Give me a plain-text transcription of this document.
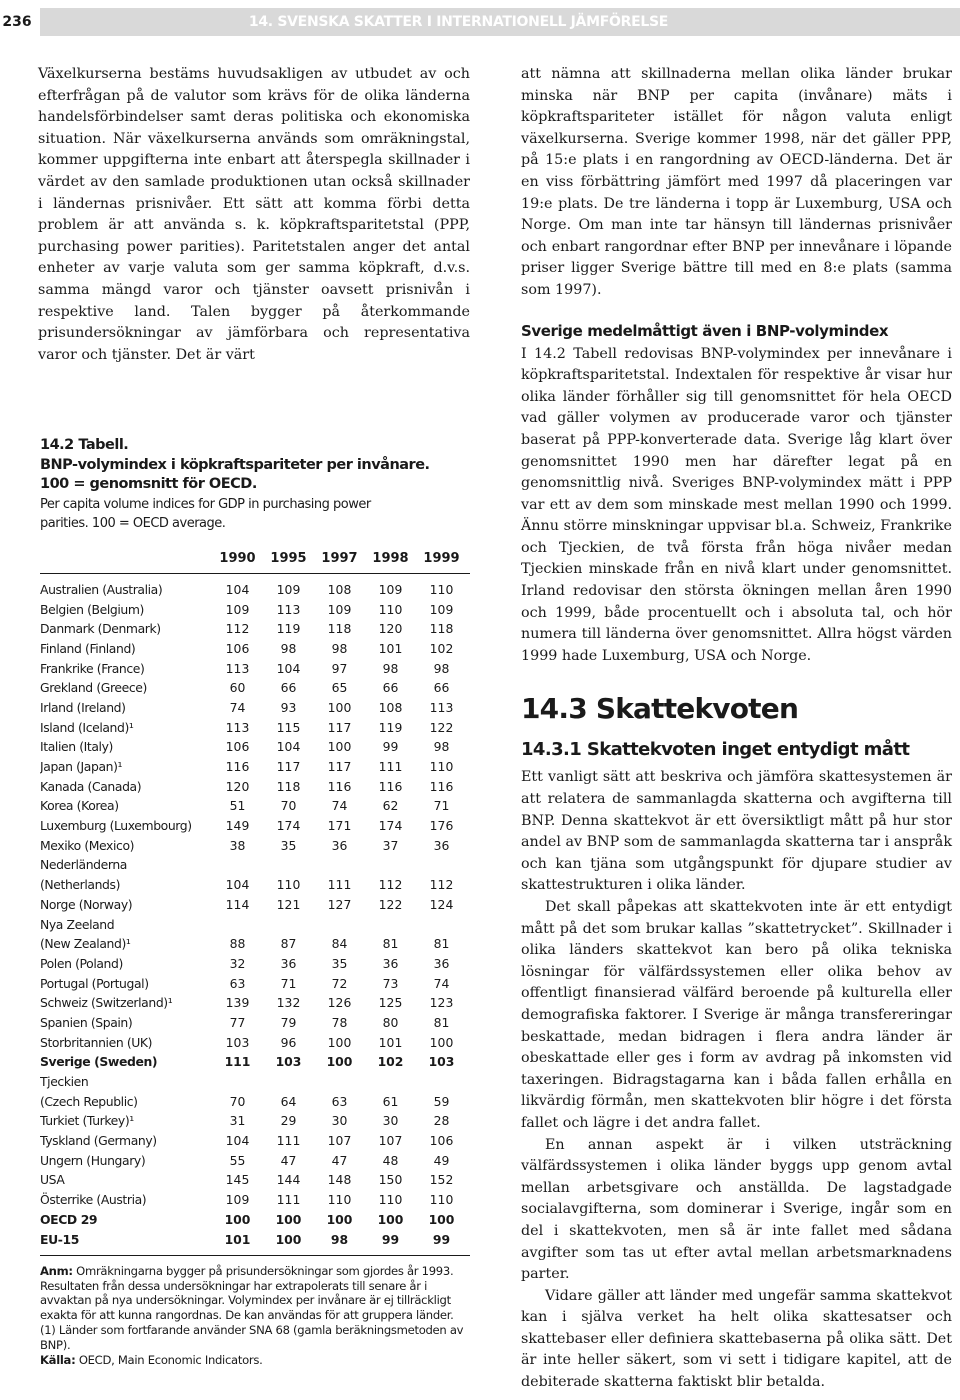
236	14. SVENSKA SKATTER I INTERNATIONELL JÄMFÖRELSE

Växelkurserna bestäms huvudsakligen av utbudet av och efterfrågan på de valutor som krävs för de olika länderna handelsförbindelser samt deras politiska och ekonomiska situation. När växelkurserna används som omräkningstal, kommer uppgifterna inte enbart att återspegla skillnader i värdet av den samlade produktionen utan också skillnader i ländernas prisnivåer. Ett sätt att komma förbi detta problem är att använda s. k. köpkraftsparitetstal (PPP, purchasing power parities). Paritetstalen anger det antal enheter av varje valuta som ger samma köpkraft, d.v.s. samma mängd varor och tjänster oavsett prisnivån i respektive land. Talen bygger på återkommande prisundersökningar av jämförbara och representativa varor och tjänster. Det är värt

14.2 Tabell.
BNP-volymindex i köpkraftspariteter per invånare.
100 = genomsnitt för OECD.
Per capita volume indices for GDP in purchasing power
parities. 100 = OECD average.
1990	1995	1997	1998	1999
Australien (Australia)	104	109	108	109	110
Belgien (Belgium)	109	113	109	110	109
Danmark (Denmark)	112	119	118	120	118
Finland (Finland)	106	98	98	101	102
Frankrike (France)	113	104	97	98	98
Grekland (Greece)	60	66	65	66	66
Irland (Ireland)	74	93	100	108	113
Island (Iceland)¹	113	115	117	119	122
Italien (Italy)	106	104	100	99	98
Japan (Japan)¹	116	117	117	111	110
Kanada (Canada)	120	118	116	116	116
Korea (Korea)	51	70	74	62	71
Luxemburg (Luxembourg)	149	174	171	174	176
Mexiko (Mexico)	38	35	36	37	36
Nederländerna
(Netherlands)	104	110	111	112	112
Norge (Norway)	114	121	127	122	124
Nya Zeeland
(New Zealand)¹	88	87	84	81	81
Polen (Poland)	32	36	35	36	36
Portugal (Portugal)	63	71	72	73	74
Schweiz (Switzerland)¹	139	132	126	125	123
Spanien (Spain)	77	79	78	80	81
Storbritannien (UK)	103	96	100	101	100
Sverige (Sweden)	111	103	100	102	103
Tjeckien
(Czech Republic)	70	64	63	61	59
Turkiet (Turkey)¹	31	29	30	30	28
Tyskland (Germany)	104	111	107	107	106
Ungern (Hungary)	55	47	47	48	49
USA	145	144	148	150	152
Österrike (Austria)	109	111	110	110	110
OECD 29	100	100	100	100	100
EU-15	101	100	98	99	99

Anm: Omräkningarna bygger på prisundersökningar som gjordes år 1993. Resultaten från dessa undersökningar har extrapolerats till senare år i avvaktan på nya undersökningar. Volymindex per invånare är ej tillräckligt exakta för att kunna rangordnas. De kan användas för att gruppera länder. (1) Länder som fortfarande använder SNA 68 (gamla beräkningsmetoden av BNP).

Källa: OECD, Main Economic Indicators.

att nämna att skillnaderna mellan olika länder brukar minska när BNP per capita (invånare) mäts i köpkraftspariteter istället för någon valuta enligt växelkurserna. Sverige kommer 1998, när det gäller PPP, på 15:e plats i en rangordning av OECD-länderna. Det är en viss förbättring jämfört med 1997 då placeringen var 19:e plats. De tre länderna i topp är Luxemburg, USA och Norge. Om man inte tar hänsyn till ländernas prisnivåer och enbart rangordnar efter BNP per innevånare i löpande priser ligger Sverige bättre till med en 8:e plats (samma som 1997).

Sverige medelmåttigt även i BNP-volymindex

I 14.2 Tabell redovisas BNP-volymindex per innevånare i köpkraftsparitetstal. Indextalen för respektive år visar hur olika länder förhåller sig till genomsnittet för hela OECD vad gäller volymen av producerade varor och tjänster baserat på PPP-konverterade data. Sverige låg klart över genomsnittet 1990 men har därefter legat på en genomsnittlig nivå. Sveriges BNP-volymindex mätt i PPP var ett av dem som minskade mest mellan 1990 och 1999. Ännu större minskningar uppvisar bl.a. Schweiz, Frankrike och Tjeckien, de två första från höga nivåer medan Tjeckien minskade från en nivå klart under genomsnittet. Irland redovisar den största ökningen mellan åren 1990 och 1999, både procentuellt och i absoluta tal, och hör numera till länderna över genomsnittet. Allra högst värden 1999 hade Luxemburg, USA och Norge.

14.3 Skattekvoten
14.3.1 Skattekvoten inget entydigt mått

Ett vanligt sätt att beskriva och jämföra skattesystemen är att relatera de sammanlagda skatterna och avgifterna till BNP. Denna skattekvot är ett översiktligt mått på hur stor andel av BNP som de sammanlagda skatterna tar i anspråk och kan tjäna som utgångspunkt för djupare studier av skattestrukturen i olika länder.

Det skall påpekas att skattekvoten inte är ett entydigt mått på det som brukar kallas ”skattetrycket”. Skillnader i olika länders skattekvot kan bero på olika tekniska lösningar för välfärdssystemen eller olika behov av offentligt finansierad välfärd beroende på kulturella eller demografiska faktorer. I Sverige är många transfereringar beskattade, medan bidragen i flera andra länder är obeskattade eller ges i form av avdrag på inkomsten vid taxeringen. Bidragstagarna kan i båda fallen erhålla en likvärdig förmån, men skattekvoten blir högre i det första fallet och lägre i det andra fallet.

En annan aspekt är i vilken utsträckning välfärdssystemen i olika länder byggs upp genom avtal mellan arbetsgivare och anställda. De lagstadgade socialavgifterna, som dominerar i Sverige, ingår som en del i skattekvoten, men så är inte fallet med sådana avgifter som tas ut efter avtal mellan arbetsmarknadens parter.

Vidare gäller att länder med ungefär samma skattekvot kan i själva verket ha helt olika skattesatser och skattebaser eller definiera skattebaserna på olika sätt. Det är inte heller säkert, som vi sett i tidigare kapitel, att de debiterade skatterna faktiskt blir betalda.
